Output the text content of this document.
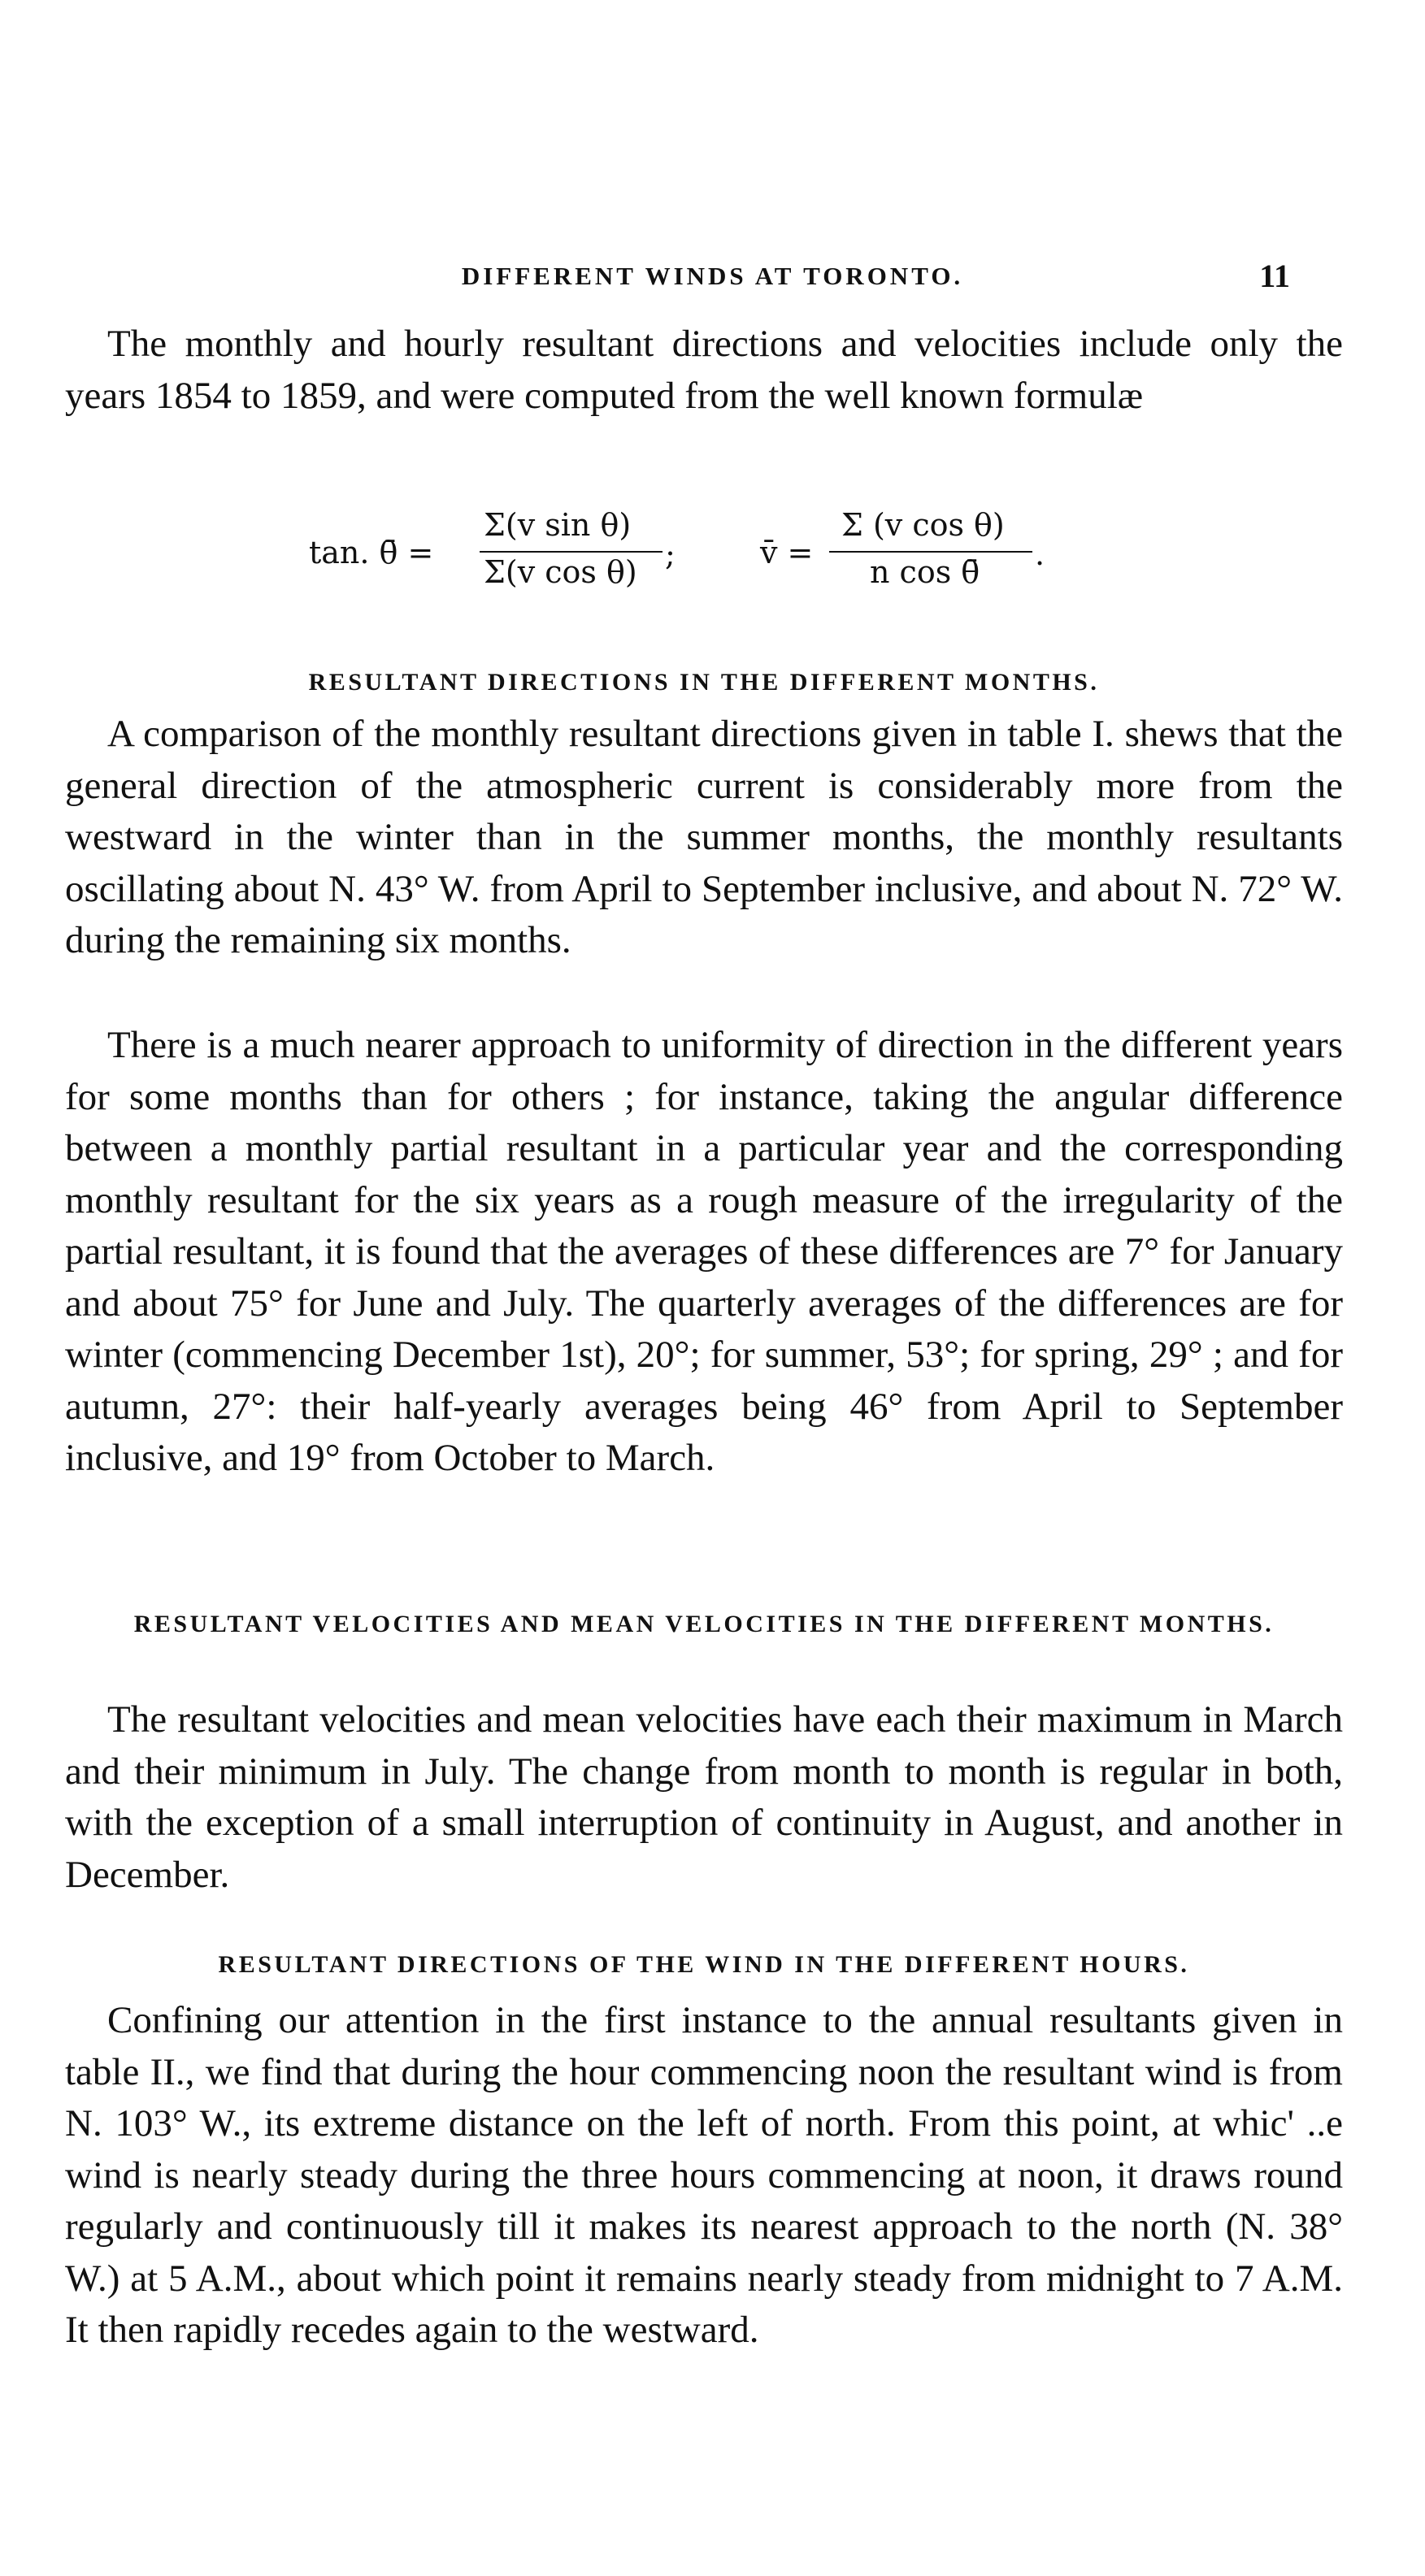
DIFFERENT WINDS AT TORONTO.	11

The monthly and hourly resultant directions and velocities include only the years 1854 to 1859, and were computed from the well known formulæ

tan. θ̄ =
Σ(v sin θ)
Σ(v cos θ) ;	v̄ =
Σ (v cos θ)
n cos θ̄ .
RESULTANT DIRECTIONS IN THE DIFFERENT MONTHS.

A comparison of the monthly resultant directions given in table I. shews that the general direction of the atmospheric current is considerably more from the westward in the winter than in the summer months, the monthly resultants oscillating about N. 43° W. from April to September inclusive, and about N. 72° W. during the remaining six months.

There is a much nearer approach to uniformity of direction in the different years for some months than for others ; for instance, taking the angular difference between a monthly partial resultant in a particular year and the corresponding monthly resultant for the six years as a rough measure of the irregularity of the partial resultant, it is found that the averages of these differences are 7° for January and about 75° for June and July. The quarterly averages of the differences are for winter (commencing December 1st), 20°; for summer, 53°; for spring, 29° ; and for autumn, 27°: their half-yearly averages being 46° from April to September inclusive, and 19° from October to March.

RESULTANT VELOCITIES AND MEAN VELOCITIES IN THE DIFFERENT MONTHS.

The resultant velocities and mean velocities have each their maximum in March and their minimum in July. The change from month to month is regular in both, with the exception of a small interruption of continuity in August, and another in December.

RESULTANT DIRECTIONS OF THE WIND IN THE DIFFERENT HOURS.

Confining our attention in the first instance to the annual resultants given in table II., we find that during the hour commencing noon the resultant wind is from N. 103° W., its extreme distance on the left of north. From this point, at whic' ..e wind is nearly steady during the three hours commencing at noon, it draws round regularly and continuously till it makes its nearest approach to the north (N. 38° W.) at 5 A.M., about which point it remains nearly steady from midnight to 7 A.M. It then rapidly recedes again to the westward.
